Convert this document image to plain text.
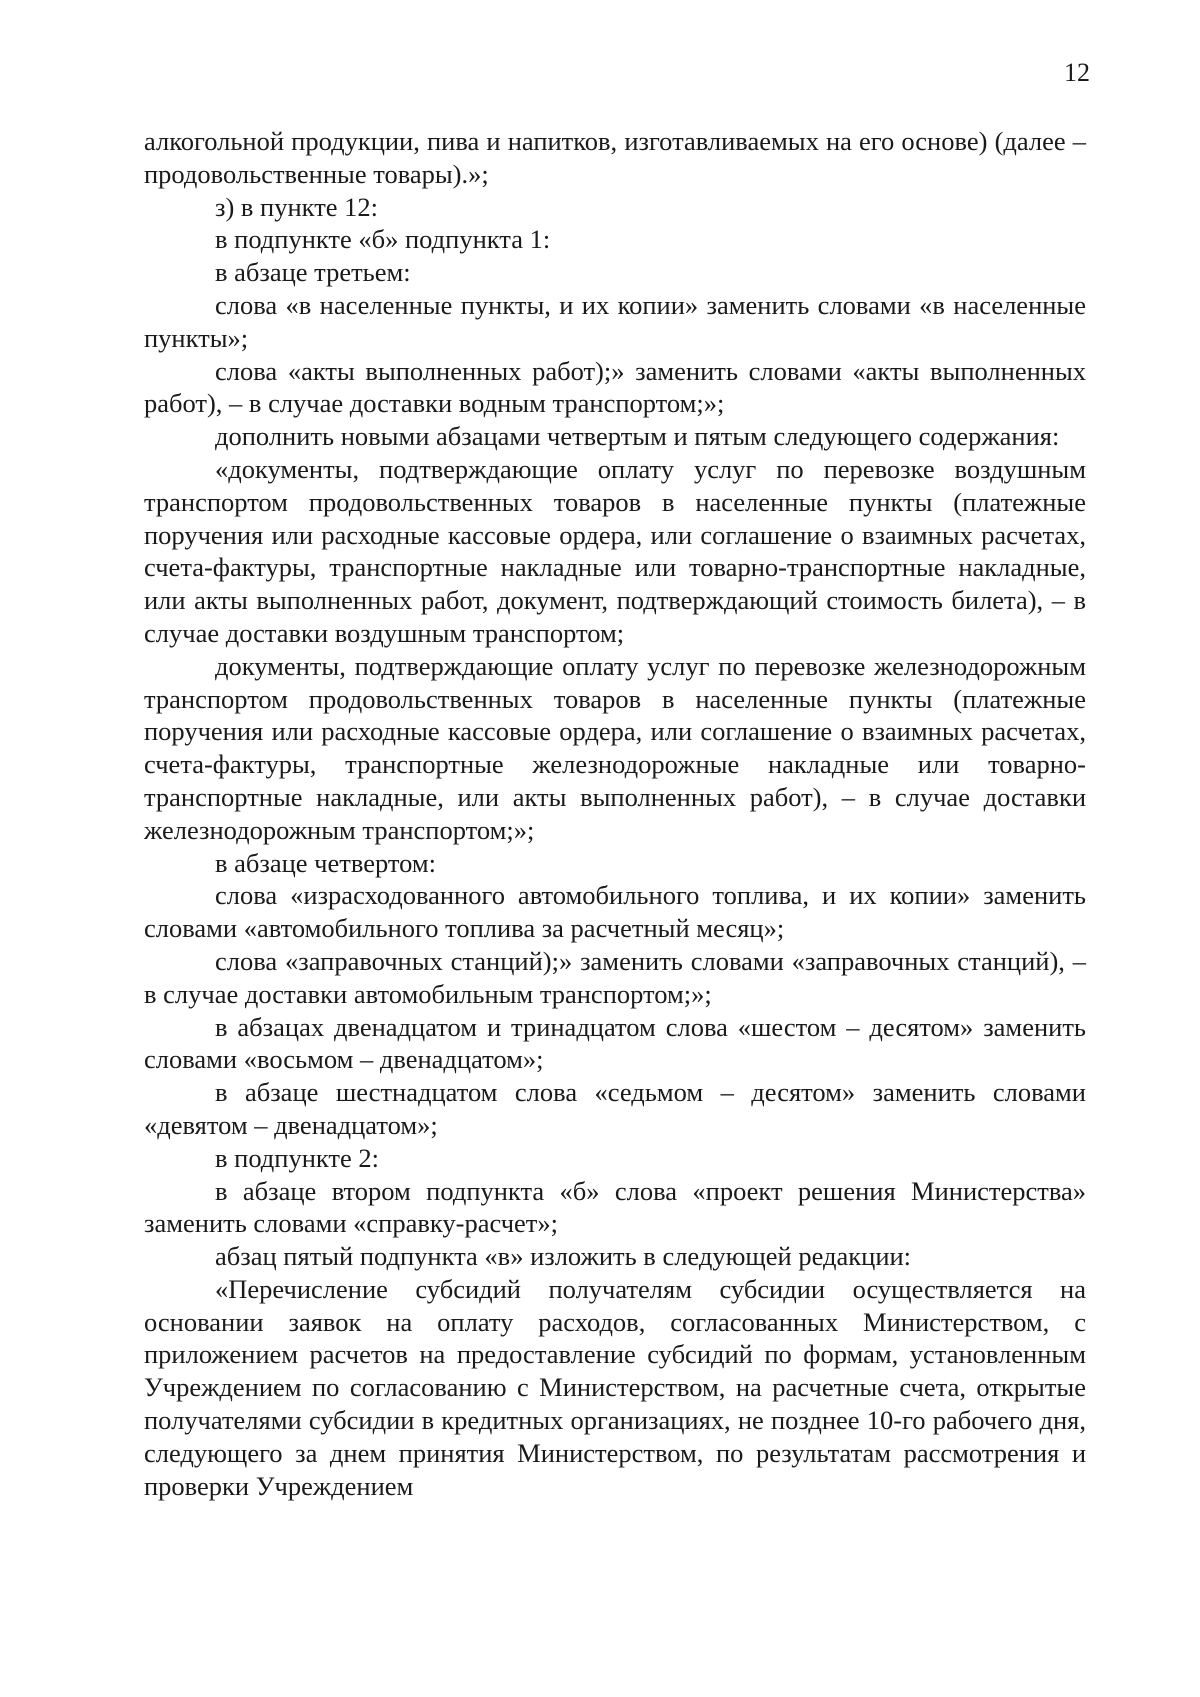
12

алкогольной продукции, пива и напитков, изготавливаемых на его основе) (далее – продовольственные товары).»;

з) в пункте 12:

в подпункте «б» подпункта 1:

в абзаце третьем:

слова «в населенные пункты, и их копии» заменить словами «в населенные пункты»;

слова «акты выполненных работ);» заменить словами «акты выполненных работ), – в случае доставки водным транспортом;»;

дополнить новыми абзацами четвертым и пятым следующего содержания:

«документы, подтверждающие оплату услуг по перевозке воздушным транспортом продовольственных товаров в населенные пункты (платежные поручения или расходные кассовые ордера, или соглашение о взаимных расчетах, счета-фактуры, транспортные накладные или товарно-транспортные накладные, или акты выполненных работ, документ, подтверждающий стоимость билета), – в случае доставки воздушным транспортом;

документы, подтверждающие оплату услуг по перевозке железнодорожным транспортом продовольственных товаров в населенные пункты (платежные поручения или расходные кассовые ордера, или соглашение о взаимных расчетах, счета-фактуры, транспортные железнодорожные накладные или товарно-транспортные накладные, или акты выполненных работ), – в случае доставки железнодорожным транспортом;»;

в абзаце четвертом:

слова «израсходованного автомобильного топлива, и их копии» заменить словами «автомобильного топлива за расчетный месяц»;

слова «заправочных станций);» заменить словами «заправочных станций), – в случае доставки автомобильным транспортом;»;

в абзацах двенадцатом и тринадцатом слова «шестом – десятом» заменить словами «восьмом – двенадцатом»;

в абзаце шестнадцатом слова «седьмом – десятом» заменить словами «девятом – двенадцатом»;

в подпункте 2:

в абзаце втором подпункта «б» слова «проект решения Министерства» заменить словами «справку-расчет»;

абзац пятый подпункта «в» изложить в следующей редакции:

«Перечисление субсидий получателям субсидии осуществляется на основании заявок на оплату расходов, согласованных Министерством, с приложением расчетов на предоставление субсидий по формам, установленным Учреждением по согласованию с Министерством, на расчетные счета, открытые получателями субсидии в кредитных организациях, не позднее 10-го рабочего дня, следующего за днем принятия Министерством, по результатам рассмотрения и проверки Учреждением
